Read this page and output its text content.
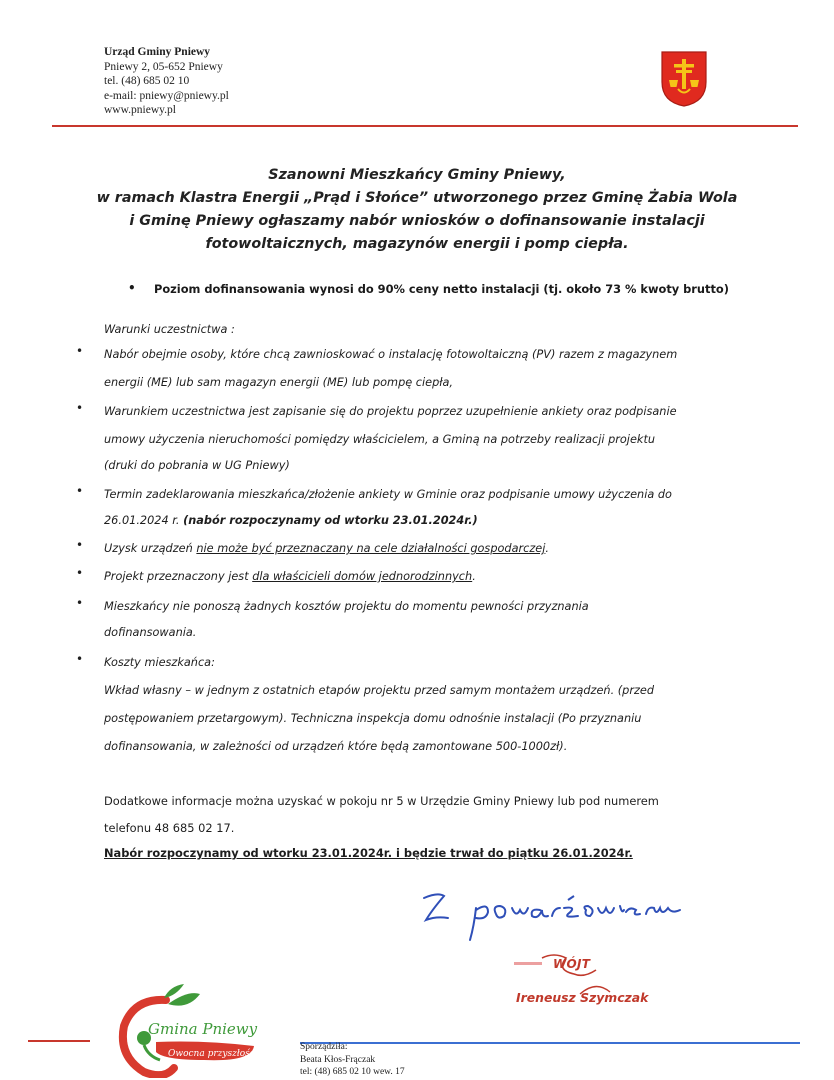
Urząd Gminy Pniewy
Pniewy 2, 05-652 Pniewy
tel. (48) 685 02 10
e-mail: pniewy@pniewy.pl
www.pniewy.pl
Szanowni Mieszkańcy Gminy Pniewy,
w ramach Klastra Energii „Prąd i Słońce” utworzonego przez Gminę Żabia Wola
i Gminę Pniewy ogłaszamy nabór wniosków o dofinansowanie instalacji
fotowoltaicznych, magazynów energii i pomp ciepła.
• Poziom dofinansowania wynosi do 90% ceny netto instalacji (tj. około 73 % kwoty brutto)
Warunki uczestnictwa :
• Nabór obejmie osoby, które chcą zawnioskować o instalację fotowoltaiczną (PV) razem z magazynem
energii (ME) lub sam magazyn energii (ME) lub pompę ciepła,
• Warunkiem uczestnictwa jest zapisanie się do projektu poprzez uzupełnienie ankiety oraz podpisanie
umowy użyczenia nieruchomości pomiędzy właścicielem, a Gminą na potrzeby realizacji projektu
(druki do pobrania w UG Pniewy)
• Termin zadeklarowania mieszkańca/złożenie ankiety w Gminie oraz podpisanie umowy użyczenia do
26.01.2024 r. (nabór rozpoczynamy od wtorku 23.01.2024r.)
• Uzysk urządzeń nie może być przeznaczany na cele działalności gospodarczej.
• Projekt przeznaczony jest dla właścicieli domów jednorodzinnych.
• Mieszkańcy nie ponoszą żadnych kosztów projektu do momentu pewności przyznania
dofinansowania.
• Koszty mieszkańca:
Wkład własny – w jednym z ostatnich etapów projektu przed samym montażem urządzeń. (przed
postępowaniem przetargowym). Techniczna inspekcja domu odnośnie instalacji (Po przyznaniu
dofinansowania, w zależności od urządzeń które będą zamontowane 500-1000zł).
Dodatkowe informacje można uzyskać w pokoju nr 5 w Urzędzie Gminy Pniewy lub pod numerem
telefonu 48 685 02 17.
Nabór rozpoczynamy od wtorku 23.01.2024r. i będzie trwał do piątku 26.01.2024r.
WÓJT
Ireneusz Szymczak
Gmina Pniewy
Owocna przyszłość
Sporządziła:
Beata Kłos-Frączak
tel: (48) 685 02 10 wew. 17
